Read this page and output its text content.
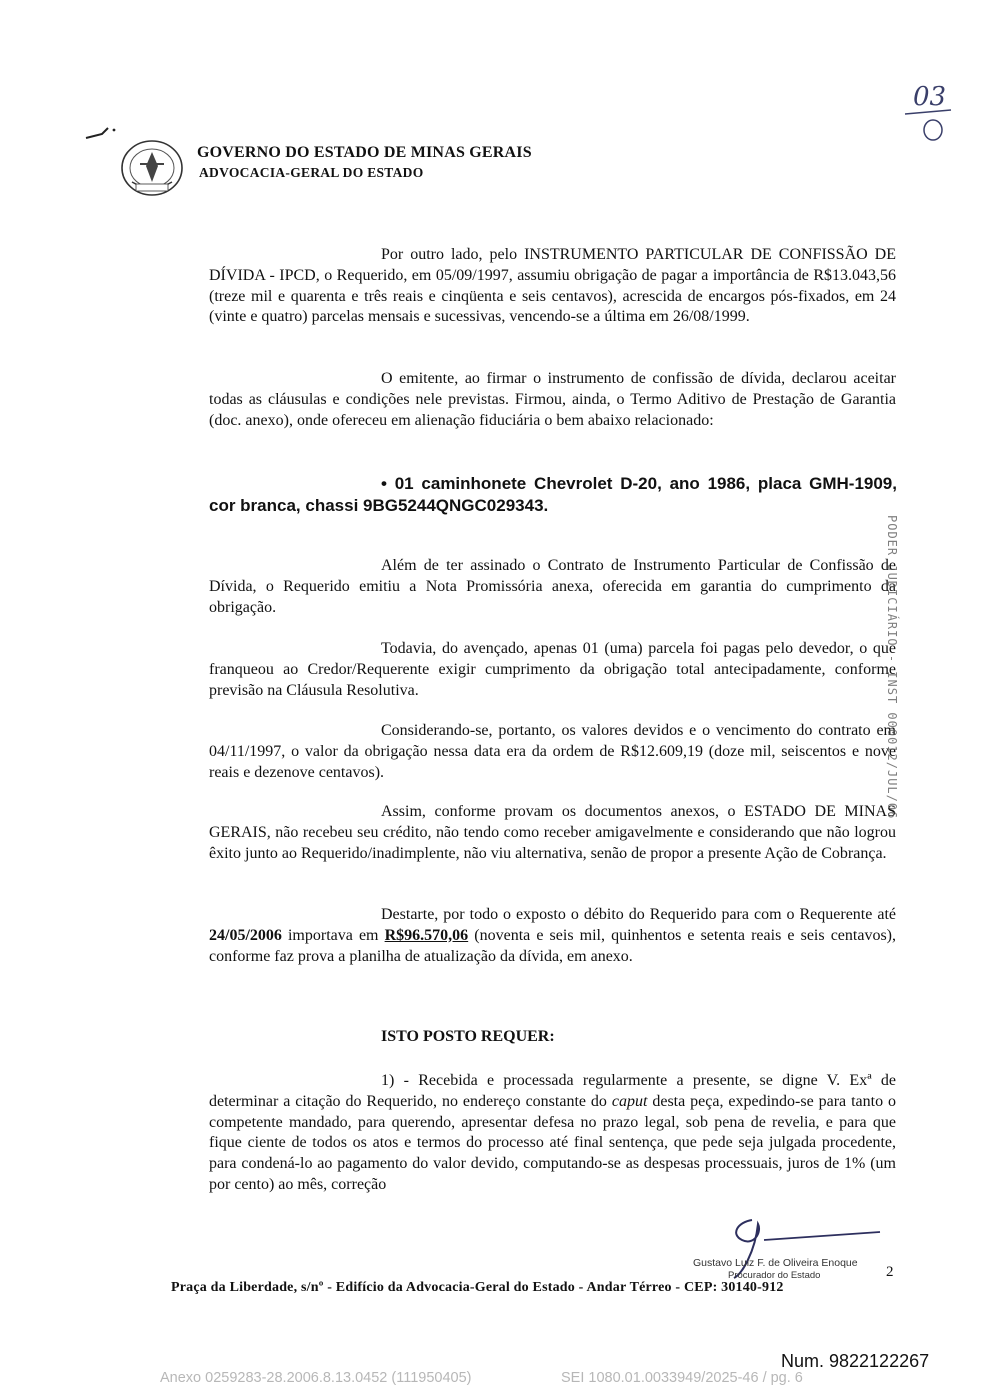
03
GOVERNO DO ESTADO DE MINAS GERAIS
ADVOCACIA-GERAL DO ESTADO
Por outro lado, pelo INSTRUMENTO PARTICULAR DE CONFISSÃO DE DÍVIDA - IPCD, o Requerido, em 05/09/1997, assumiu obrigação de pagar a importância de R$13.043,56 (treze mil e quarenta e três reais e cinqüenta e seis centavos), acrescida de encargos pós-fixados, em 24 (vinte e quatro) parcelas mensais e sucessivas, vencendo-se a última em 26/08/1999.
O emitente, ao firmar o instrumento de confissão de dívida, declarou aceitar todas as cláusulas e condições nele previstas. Firmou, ainda, o Termo Aditivo de Prestação de Garantia (doc. anexo), onde ofereceu em alienação fiduciária o bem abaixo relacionado:
• 01 caminhonete Chevrolet D-20, ano 1986, placa GMH-1909, cor branca, chassi 9BG5244QNGC029343.
Além de ter assinado o Contrato de Instrumento Particular de Confissão de Dívida, o Requerido emitiu a Nota Promissória anexa, oferecida em garantia do cumprimento da obrigação.
Todavia, do avençado, apenas 01 (uma) parcela foi pagas pelo devedor, o que franqueou ao Credor/Requerente exigir cumprimento da obrigação total antecipadamente, conforme previsão na Cláusula Resolutiva.
Considerando-se, portanto, os valores devidos e o vencimento do contrato em 04/11/1997, o valor da obrigação nessa data era da ordem de R$12.609,19 (doze mil, seiscentos e nove reais e dezenove centavos).
Assim, conforme provam os documentos anexos, o ESTADO DE MINAS GERAIS, não recebeu seu crédito, não tendo como receber amigavelmente e considerando que não logrou êxito junto ao Requerido/inadimplente, não viu alternativa, senão de propor a presente Ação de Cobrança.
Destarte, por todo o exposto o débito do Requerido para com o Requerente até 24/05/2006 importava em R$96.570,06 (noventa e seis mil, quinhentos e setenta reais e seis centavos), conforme faz prova a planilha de atualização da dívida, em anexo.
ISTO POSTO REQUER:
1) - Recebida e processada regularmente a presente, se digne V. Exª de determinar a citação do Requerido, no endereço constante do caput desta peça, expedindo-se para tanto o competente mandado, para querendo, apresentar defesa no prazo legal, sob pena de revelia, e para que fique ciente de todos os atos e termos do processo até final sentença, que pede seja julgada procedente, para condená-lo ao pagamento do valor devido, computando-se as despesas processuais, juros de 1% (um por cento) ao mês, correção
PODER JUDICIÁRIO - INST 000012/JUL/06
Gustavo Luiz F. de Oliveira Enoque
Procurador do Estado	2
Praça da Liberdade, s/nº - Edifício da Advocacia-Geral do Estado - Andar Térreo - CEP: 30140-912
Num. 9822122267
Anexo 0259283-28.2006.8.13.0452 (111950405)	SEI 1080.01.0033949/2025-46 / pg. 6
